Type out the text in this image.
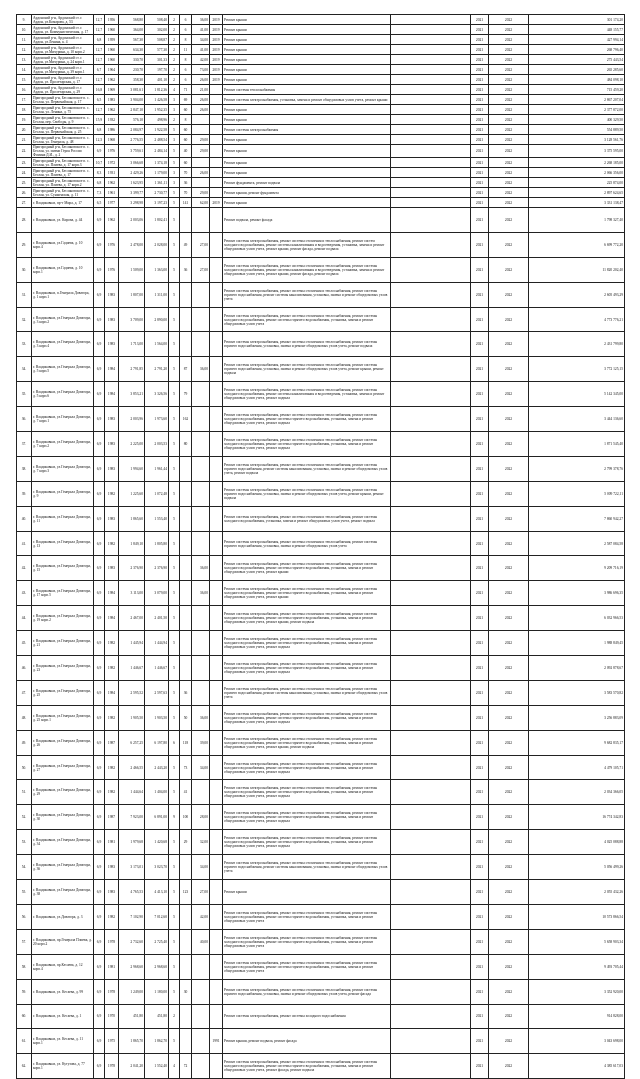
9.	Ардонский р-н, Ардонский ст. г. Ардон, ул.Комарова, д. 53	12,7	1956	568,80	508,40	2	6	36,00	2019	Ремонт крыши		2021	2022	301 174,20
10.	Ардонский р-н, Ардонский ст. г. Ардон, ул. Коммунистическая, д. 17	12,7	1960	364,00	302,00	2	6	41,00	2019	Ремонт крыши		2021	2022	448 155,77
11.	Ардонский р-н, Ардонский ст. г. Ардон, ул.Ленина, к. 4	6,8	1959	567,30	508,87	2	8	34,00	2019	Ремонт крыши		2021	2022	427 994,14
12.	Ардонский р-н, Ардонский ст. г. Ардон, ул.Мичурина, д. 10 корп.2	12,7	1960	634,30	577,30	2	11	41,00	2019	Ремонт крыши		2021	2022	268 796,40
13.	Ардонский р-н, Ардонский ст. г. Ардон, ул.Мичурина, д. 24 корп.1	12,7	1960	330,70	301,33	2	8	42,00	2019	Ремонт крыши		2021	2022	275 443,54
14.	Ардонский р-н, Ардонский ст. г. Ардон, ул.Мичурина, д. 39 корп.1	6,7	1964	230,70	197,70	2	6	73,00	2019	Ремонт крыши		2021	2022	265 285,60
15.	Ардонский р-н, Ардонский ст. г. Ардон, ул. Пролетарская, д. 17	12,7	1962	358,30	401,10	2	6	26,00	2019	Ремонт крыши		2021	2022	484 098,10
16.	Ардонский р-н, Ардонский ст. г. Ардон, ул. Пролетарская, д. 29	16,8	1969	3 081,61	1 812,36	4	71	21,00		Ремонт системы теплоснабжения		2021	2022	715 459,20
17.	Пригородный р-н, Беслановское п. с. Беслан, ул. Первомайская, д. 17	6,5	1983	3 904,00	1 426,58	3	69	26,00		Ремонт системы электроснабжения, установка, замена и ремонт общедомовых узлов учета, ремонт крыши		2021	2022	2 867 207,04
18.	Пригородный р-н, Беслановское п. с. Беслан, ул. Ленина, д. 75	12,7	1962	2 847,10	1 952,35	3	60	26,00		Ремонт крыши		2021	2022	2 377 872,00
19.	Пригородный р-н, Беслановское п. с. Беслан, пер. Свободы, д. 9	15,9	1932	576,10	498,96	2	8			Ремонт крыши		2021	2022	400 329,50
20.	Пригородный р-н, Беслановское п. с. Беслан, ул. Первомайская, д. 25	6,8	1986	2 084,97	1 922,58	5	60			Ремонт системы электроснабжения		2021	2022	554 889,50
21.	Пригородный р-н, Беслановское п. с. Беслан, ул. Генерала, д. 48	12,5	1968	2 776,55	2 488,54	3	60	29,00		Ремонт крыши		2021	2022	3 128 561,76
22.	Пригородный р-н, Беслановское п. с. Беслан, ул. имени Героя России Фомина Д.И., д. 2	6,9	1976	3 759,61	2 484,14	5	40	29,00		Ремонт крыши		2021	2022	3 375 595,00
23.	Пригородный р-н, Беслановское п. с. Беслан, ул. Плиева, д. 17 корп.3	10,7	1972	3 066,68	1 374,18	5	60			Ремонт крыши		2021	2022	2 268 185,00
24.	Пригородный р-н, Беслановское п. с. Беслан, ул. Плиева, д. 17	8,3	1931	2 429,26	1 179,00	3	70	26,00		Ремонт крыши		2021	2022	2 066 356,00
25.	Пригородный р-н, Беслановское п. с. Беслан, ул. Плиева, д. 17 корп.2	6,8	1962	1 623,95	1 361,11	3	36			Ремонт фундамента, ремонт подвала		2021	2022	225 874,00
26.	Пригородный р-н, Беслановское п. с. Беслан, ул. Сунженская, д. 11	7,3	1961	3 399,77	2 730,77	5	70	29,00		Ремонт крыши, ремонт фундамента		2021	2022	2 897 624,65
27.	г. Владикавказ, пр-т Мира, д. 17	6,5	1977	3 298,98	3 197,23	5	141	62,00	2019	Ремонт крыши		2021	2022	3 331 138,47
28.	г. Владикавказ, ул. Кирова, д. 44	6,9	1962	2 003,06	1 802,41	5				Ремонт подвала, ремонт фасада		2021	2022	1 798 327,40
29.	г. Владикавказ, ул.Гадиева, д. 10 корп.4	6,9	1976	2 478,00	2 028,00	5	49	27,00		Ремонт системы электроснабжения, ремонт системы отопления и теплоснабжения, ремонт систем холодного водоснабжения, ремонт системы канализования и водоотведения, установка, замена и ремонт общедомовых узлов учета, ремонт крыши, ремонт фасада, ремонт подвала		2021	2022	6 699 772,20
30.	г. Владикавказ, ул.Гадиева, д. 10 корп.1	6,9	1976	1 509,00	1 363,00	5	36	27,00		Ремонт системы электроснабжения, ремонт системы отопления и теплоснабжения, ремонт системы холодного водоснабжения, ремонт системы канализования и водоотведения, установка, замена и ремонт общедомовых узлов учета, ремонт крыши, ремонт фасада, ремонт подвала		2021	2022	11 820 202,40
31.	г. Владикавказ, п.Генерала Доватора, д. 1 корп.1	6,9	1983	1 807,00	1 311,00	5				Ремонт системы электроснабжения, ремонт системы отопления и теплоснабжения, ремонт системы горячего водоснабжения, ремонт системы канализования, установка, замена и ремонт общедомовых узлов учета		2021	2022	2 605 493,29
32.	г. Владикавказ, ул.Генерала Доватора, д. 3 корп.2	6,9	1983	3 709,00	2 890,00	5				Ремонт системы электроснабжения, ремонт системы отопления и теплоснабжения, ремонт системы холодного водоснабжения, ремонт системы горячего водоснабжения, установка, замена и ремонт общедомовых узлов учета		2021	2022	4 773 776,21
33.	г. Владикавказ, ул.Генерала Доватора, д. 3 корп.4	6,9	1983	1 713,00	1 564,00	5				Ремонт системы электроснабжения, ремонт системы отопления и теплоснабжения, ремонт системы горячего водоснабжения, установка, замена и ремонт общедомовых узлов учета, ремонт подвала		2021	2022	2 431 799,80
34.	г. Владикавказ, ул.Генерала Доватора, д. 5 корп.5	6,9	1984	2 791,85	2 791,20	5	87	36,00		Ремонт системы электроснабжения, ремонт системы отопления и теплоснабжения, ремонт системы горячего водоснабжения, установка, замена и ремонт общедомовых узлов учета, ремонт крыши, ремонт подвала		2021	2022	3 772 125,15
35.	г. Владикавказ, ул.Генерала Доватора, д. 5 корп.6	6,9	1984	3 853,21	3 326,56	5	79			Ремонт системы электроснабжения, ремонт системы отопления и теплоснабжения, ремонт системы холодного водоснабжения, ремонт системы канализования и водоотведения, установка, замена и ремонт общедомовых узлов учета, ремонт подвала		2021	2022	5 142 345,00
36.	г. Владикавказ, ул.Генерала Доватора, д. 7 корп.1	6,9	1983	2 003,96	1 973,60	5	162			Ремонт системы электроснабжения, ремонт системы отопления и теплоснабжения, ремонт системы холодного водоснабжения, ремонт системы горячего водоснабжения, установка, замена и ремонт общедомовых узлов учета, ремонт подвала		2021	2022	3 444 136,60
37.	г. Владикавказ, ул.Генерала Доватора, д. 7 корп.2	6,9	1983	2 225,00	2 003,53	5	80			Ремонт системы электроснабжения, ремонт системы отопления и теплоснабжения, ремонт системы холодного водоснабжения, ремонт системы горячего водоснабжения, установка, замена и ремонт общедомовых узлов учета, ремонт подвала		2021	2022	1 871 545,40
38.	г. Владикавказ, ул.Генерала Доватора, д. 7 корп.3	6,9	1983	1 994,60	1 961,44	5				Ремонт системы электроснабжения, ремонт системы отопления и теплоснабжения, ремонт системы горячего водоснабжения, ремонт системы канализования, установка, замена и ремонт общедомовых узлов учета, ремонт подвала		2021	2022	2 799 378,76
39.	г. Владикавказ, ул.Генерала Доватора, д. 9	6,9	1982	1 225,60	1 072,48	5				Ремонт системы электроснабжения, ремонт системы отопления и теплоснабжения, ремонт системы горячего водоснабжения, установка, замена и ремонт общедомовых узлов учета, ремонт крыши, ремонт подвала		2021	2022	5 009 722,11
40.	г. Владикавказ, ул.Генерала Доватора, д. 11	6,9	1983	1 865,60	1 553,40	5				Ремонт системы электроснабжения, ремонт системы отопления и теплоснабжения, ремонт системы холодного водоснабжения, установка, замена и ремонт общедомовых узлов учета, ремонт подвала		2021	2022	7 860 942,27
41.	г. Владикавказ, ул.Генерала Доватора, д. 13	6,9	1982	1 849,10	1 805,80	5				Ремонт системы электроснабжения, ремонт системы отопления и теплоснабжения, ремонт системы горячего водоснабжения, установка, замена и ремонт общедомовых узлов учета		2021	2022	2 587 084,58
42.	г. Владикавказ, ул.Генерала Доватора, д. 15	6,9	1983	2 376,90	2 376,90	5		36,00		Ремонт системы электроснабжения, ремонт системы отопления и теплоснабжения, ремонт системы холодного водоснабжения, ремонт системы горячего водоснабжения, установка, замена и ремонт общедомовых узлов учета, ремонт крыши		2021	2022	9 209 716,19
43.	г. Владикавказ, ул.Генерала Доватора, д. 17 корп.5	6,9	1984	3 113,00	3 079,00	5		36,00		Ремонт системы электроснабжения, ремонт системы отопления и теплоснабжения, ремонт системы холодного водоснабжения, ремонт системы горячего водоснабжения, установка, замена и ремонт общедомовых узлов учета, ремонт крыши		2021	2022	3 986 696,35
44.	г. Владикавказ, ул.Генерала Доватора, д. 19 корп.2	6,9	1984	2 467,00	2 401,50	5				Ремонт системы электроснабжения, ремонт системы отопления и теплоснабжения, ремонт системы холодного водоснабжения, ремонт системы горячего водоснабжения, установка, замена и ремонт общедомовых узлов учета, ремонт крыши, ремонт подвала		2021	2022	6 032 966,53
45.	г. Владикавказ, ул.Генерала Доватора, д. 21	6,9	1982	1 445,94	1 444,94	5				Ремонт системы электроснабжения, ремонт системы отопления и теплоснабжения, ремонт системы холодного водоснабжения, ремонт системы горячего водоснабжения, установка, замена и ремонт общедомовых узлов учета, ремонт подвала		2021	2022	1 988 849,45
46.	г. Владикавказ, ул.Генерала Доватора, д. 23	6,9	1982	1 446,67	1 446,67	5				Ремонт системы электроснабжения, ремонт системы отопления и теплоснабжения, ремонт системы холодного водоснабжения, ремонт системы горячего водоснабжения, установка, замена и ремонт общедомовых узлов учета, ремонт подвала		2021	2022	2 092 878,67
47.	г. Владикавказ, ул.Генерала Доватора, д. 25	6,9	1984	2 595,52	2 597,63	5	36			Ремонт системы электроснабжения, ремонт системы отопления и теплоснабжения, ремонт системы горячего водоснабжения, ремонт системы канализования, установка, замена и ремонт общедомовых узлов учета		2021	2022	3 583 570,82
48.	г. Владикавказ, ул.Генерала Доватора, д. 25 корп.1	6,9	1982	1 905,50	1 903,50	5	50	36,00		Ремонт системы электроснабжения, ремонт системы отопления и теплоснабжения, ремонт системы холодного водоснабжения, ремонт системы горячего водоснабжения, установка, замена и ремонт общедомовых узлов учета, ремонт подвала		2021	2022	3 256 883,09
49.	г. Владикавказ, ул.Генерала Доватора, д. 26	6,9	1987	6 257,25	6 197,80	6	118	39,00		Ремонт системы электроснабжения, ремонт системы отопления и теплоснабжения, ремонт системы холодного водоснабжения, ремонт системы горячего водоснабжения, установка, замена и ремонт общедомовых узлов учета, ремонт крыши, ремонт подвала		2021	2022	9 682 835,17
50.	г. Владикавказ, ул.Генерала Доватора, д. 27	6,9	1982	2 466,55	2 443,20	5	73	34,00		Ремонт системы электроснабжения, ремонт системы отопления и теплоснабжения, ремонт системы холодного водоснабжения, ремонт системы горячего водоснабжения, установка, замена и ремонт общедомовых узлов учета, ремонт подвала		2021	2022	4 479 105,71
51.	г. Владикавказ, ул.Генерала Доватора, д. 29	6,9	1982	1 444,64	1 404,00	5	41			Ремонт системы электроснабжения, ремонт системы отопления и теплоснабжения, ремонт системы холодного водоснабжения, ремонт системы горячего водоснабжения, установка, замена и ремонт общедомовых узлов учета, ремонт подвала		2021	2022	2 034 366,05
52.	г. Владикавказ, ул.Генерала Доватора, д. 30	6,9	1987	7 923,00	6 891,00	9	100	28,00		Ремонт системы электроснабжения, ремонт системы отопления и теплоснабжения, ремонт системы холодного водоснабжения, ремонт системы горячего водоснабжения, установка, замена и ремонт общедомовых узлов учета, ремонт подвала		2021	2022	16 774 342,83
53.	г. Владикавказ, ул.Генерала Доватора, д. 34	6,9	1981	1 979,68	1 420,68	5	29	32,00		Ремонт системы электроснабжения, ремонт системы отопления и теплоснабжения, ремонт системы холодного водоснабжения, ремонт системы горячего водоснабжения, установка, замена и ремонт общедомовых узлов учета, ремонт подвала		2021	2022	4 025 088,88
54.	г. Владикавказ, ул.Генерала Доватора, д. 36	6,9	1983	3 173,01	3 023,70	5		34,00		Ремонт системы электроснабжения, ремонт системы отопления и теплоснабжения, ремонт системы горячего водоснабжения, ремонт системы канализования, установка, замена и ремонт общедомовых узлов учета		2021	2022	5 056 499,26
55.	г. Владикавказ, ул.Генерала Доватора, д. 38	6,9	1983	4 765,53	4 413,10	5	123	27,00		Ремонт крыши		2021	2022	2 055 432,26
56.	г. Владикавказ, ул.Доватора, д. 3	6,9	1982	7 102,90	7 012,60	5		42,00		Ремонт системы электроснабжения, ремонт системы отопления и теплоснабжения, ремонт системы холодного водоснабжения, ремонт системы горячего водоснабжения, установка, замена и ремонт общедомовых узлов учета		2021	2022	10 573 866,54
57.	г. Владикавказ, пр.Генерала Плиева, д. 20 корп.2	6,9	1978	2 732,60	2 725,40	5		40,00		Ремонт системы электроснабжения, ремонт системы отопления и теплоснабжения, ремонт системы холодного водоснабжения, ремонт системы горячего водоснабжения, установка, замена и ремонт общедомовых узлов учета		2021	2022	5 658 903,34
58.	г. Владикавказ, пр.Кесаева, д. 12 корп.4	6,9	1981	2 968,60	2 968,60	5				Ремонт системы электроснабжения, ремонт системы отопления и теплоснабжения, ремонт системы холодного водоснабжения, ремонт системы горячего водоснабжения, установка, замена и ремонт общедомовых узлов учета		2021	2022	9 493 705,44
59.	г. Владикавказ, ул. Кесаева, д. 99	6,9	1978	1 249,00	1 180,00	5	30			Ремонт системы электроснабжения, ремонт системы отопления и теплоснабжения, ремонт системы горячего водоснабжения, установка, замена и ремонт общедомовых узлов учета, ремонт фасада		2021	2022	3 352 920,00
60.	г. Владикавказ, ул. Кесаева, д. 1	6,9	1970	451,80	451,80	2				Ремонт системы электроснабжения, ремонт системы холодного водоснабжения		2021	2022	914 828,00
61.	г. Владикавказ, ул. Кесаева, д. 11 корп.1	6,9	1975	1 865,70	1 862,70	5			1991	Ремонт крыши, ремонт подвала, ремонт фасада		2021	2022	3 043 698,00
62.	г. Владикавказ, ул. Кутузова, д. 77 корп.1	6,9	1978	2 041,20	1 552,40	4	72			Ремонт системы электроснабжения, ремонт системы отопления и теплоснабжения, ремонт системы холодного водоснабжения, ремонт системы горячего водоснабжения, установка, замена и ремонт общедомовых узлов учета, ремонт фасада, ремонт подвала		2021	2022	4 385 617,03
